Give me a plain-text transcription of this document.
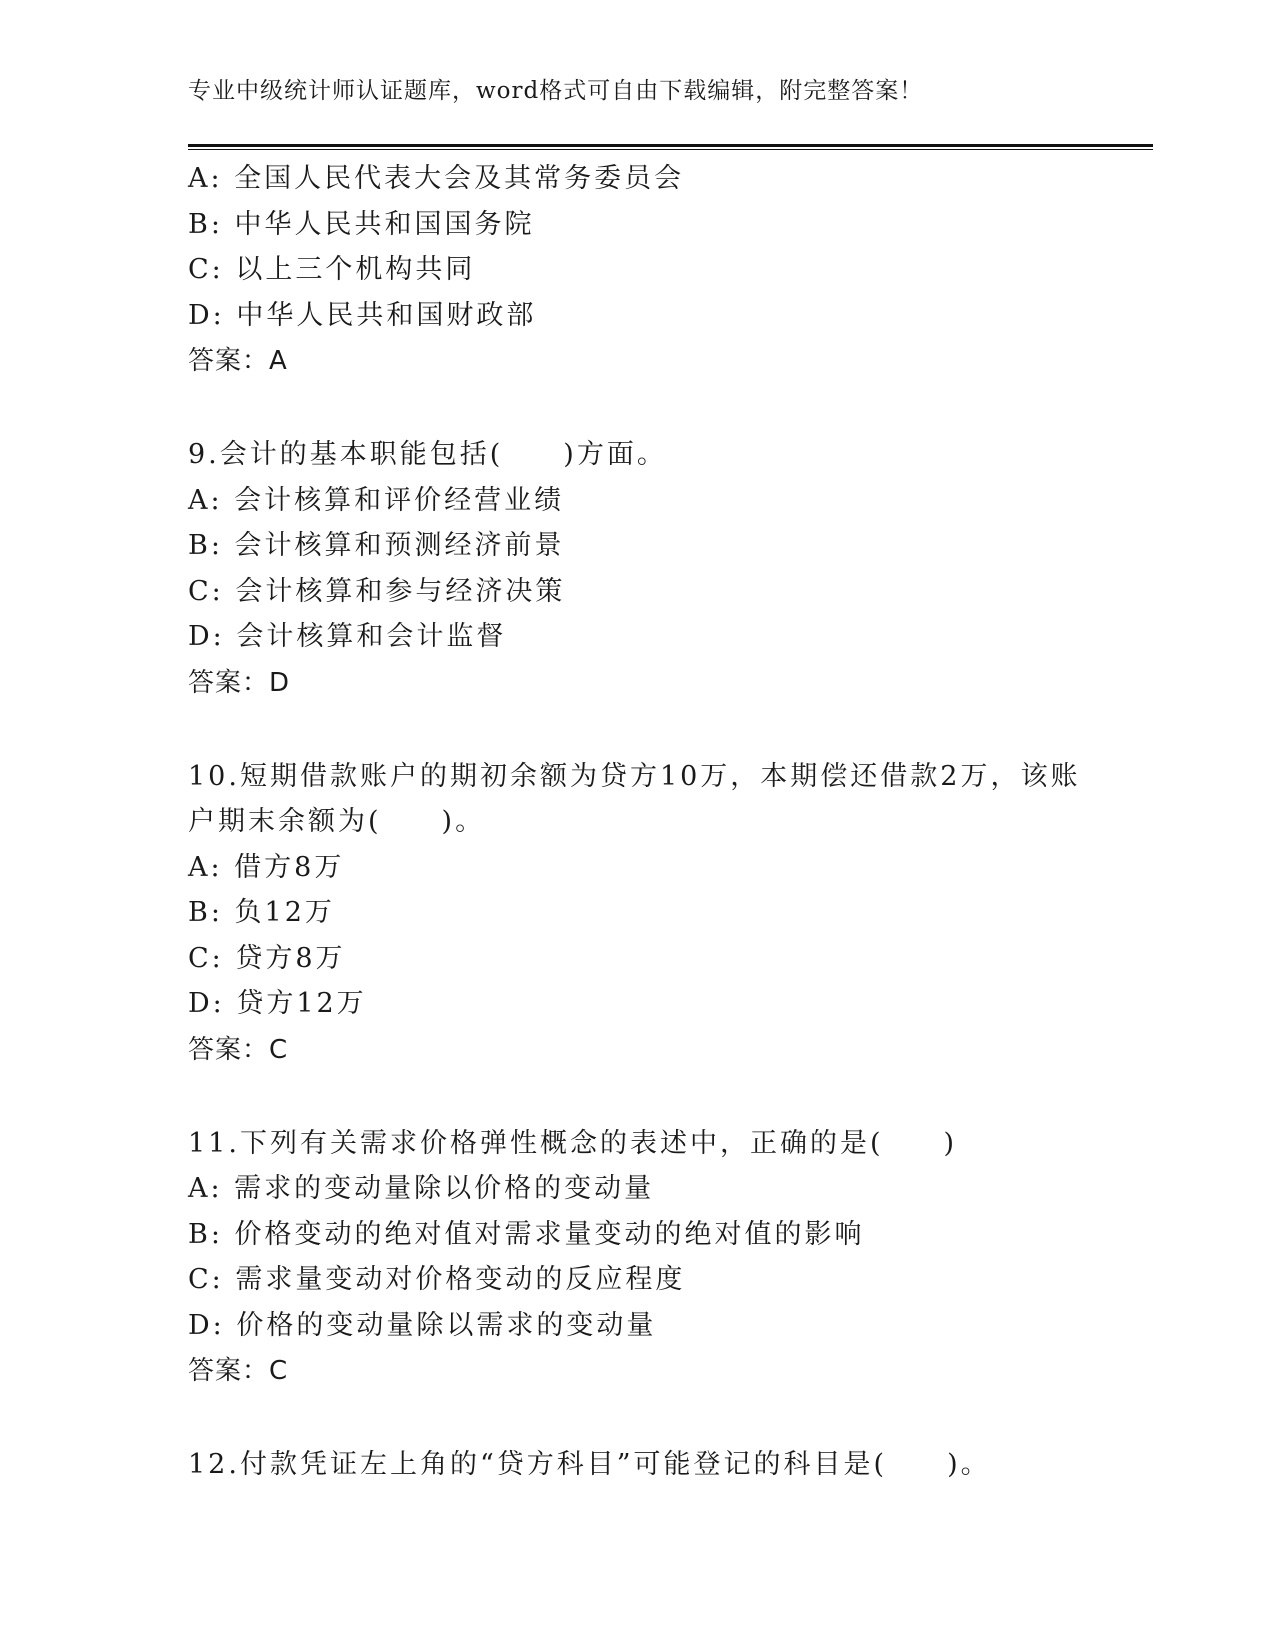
专业中级统计师认证题库，word格式可自由下载编辑，附完整答案！
A: 全国人民代表大会及其常务委员会
B: 中华人民共和国国务院
C: 以上三个机构共同
D: 中华人民共和国财政部
答案：A
9.会计的基本职能包括(　　)方面。
A: 会计核算和评价经营业绩
B: 会计核算和预测经济前景
C: 会计核算和参与经济决策
D: 会计核算和会计监督
答案：D
10.短期借款账户的期初余额为贷方10万，本期偿还借款2万，该账
户期末余额为(　　)。
A: 借方8万
B: 负12万
C: 贷方8万
D: 贷方12万
答案：C
11.下列有关需求价格弹性概念的表述中，正确的是(　　)
A: 需求的变动量除以价格的变动量
B: 价格变动的绝对值对需求量变动的绝对值的影响
C: 需求量变动对价格变动的反应程度
D: 价格的变动量除以需求的变动量
答案：C
12.付款凭证左上角的“贷方科目”可能登记的科目是(　　)。
